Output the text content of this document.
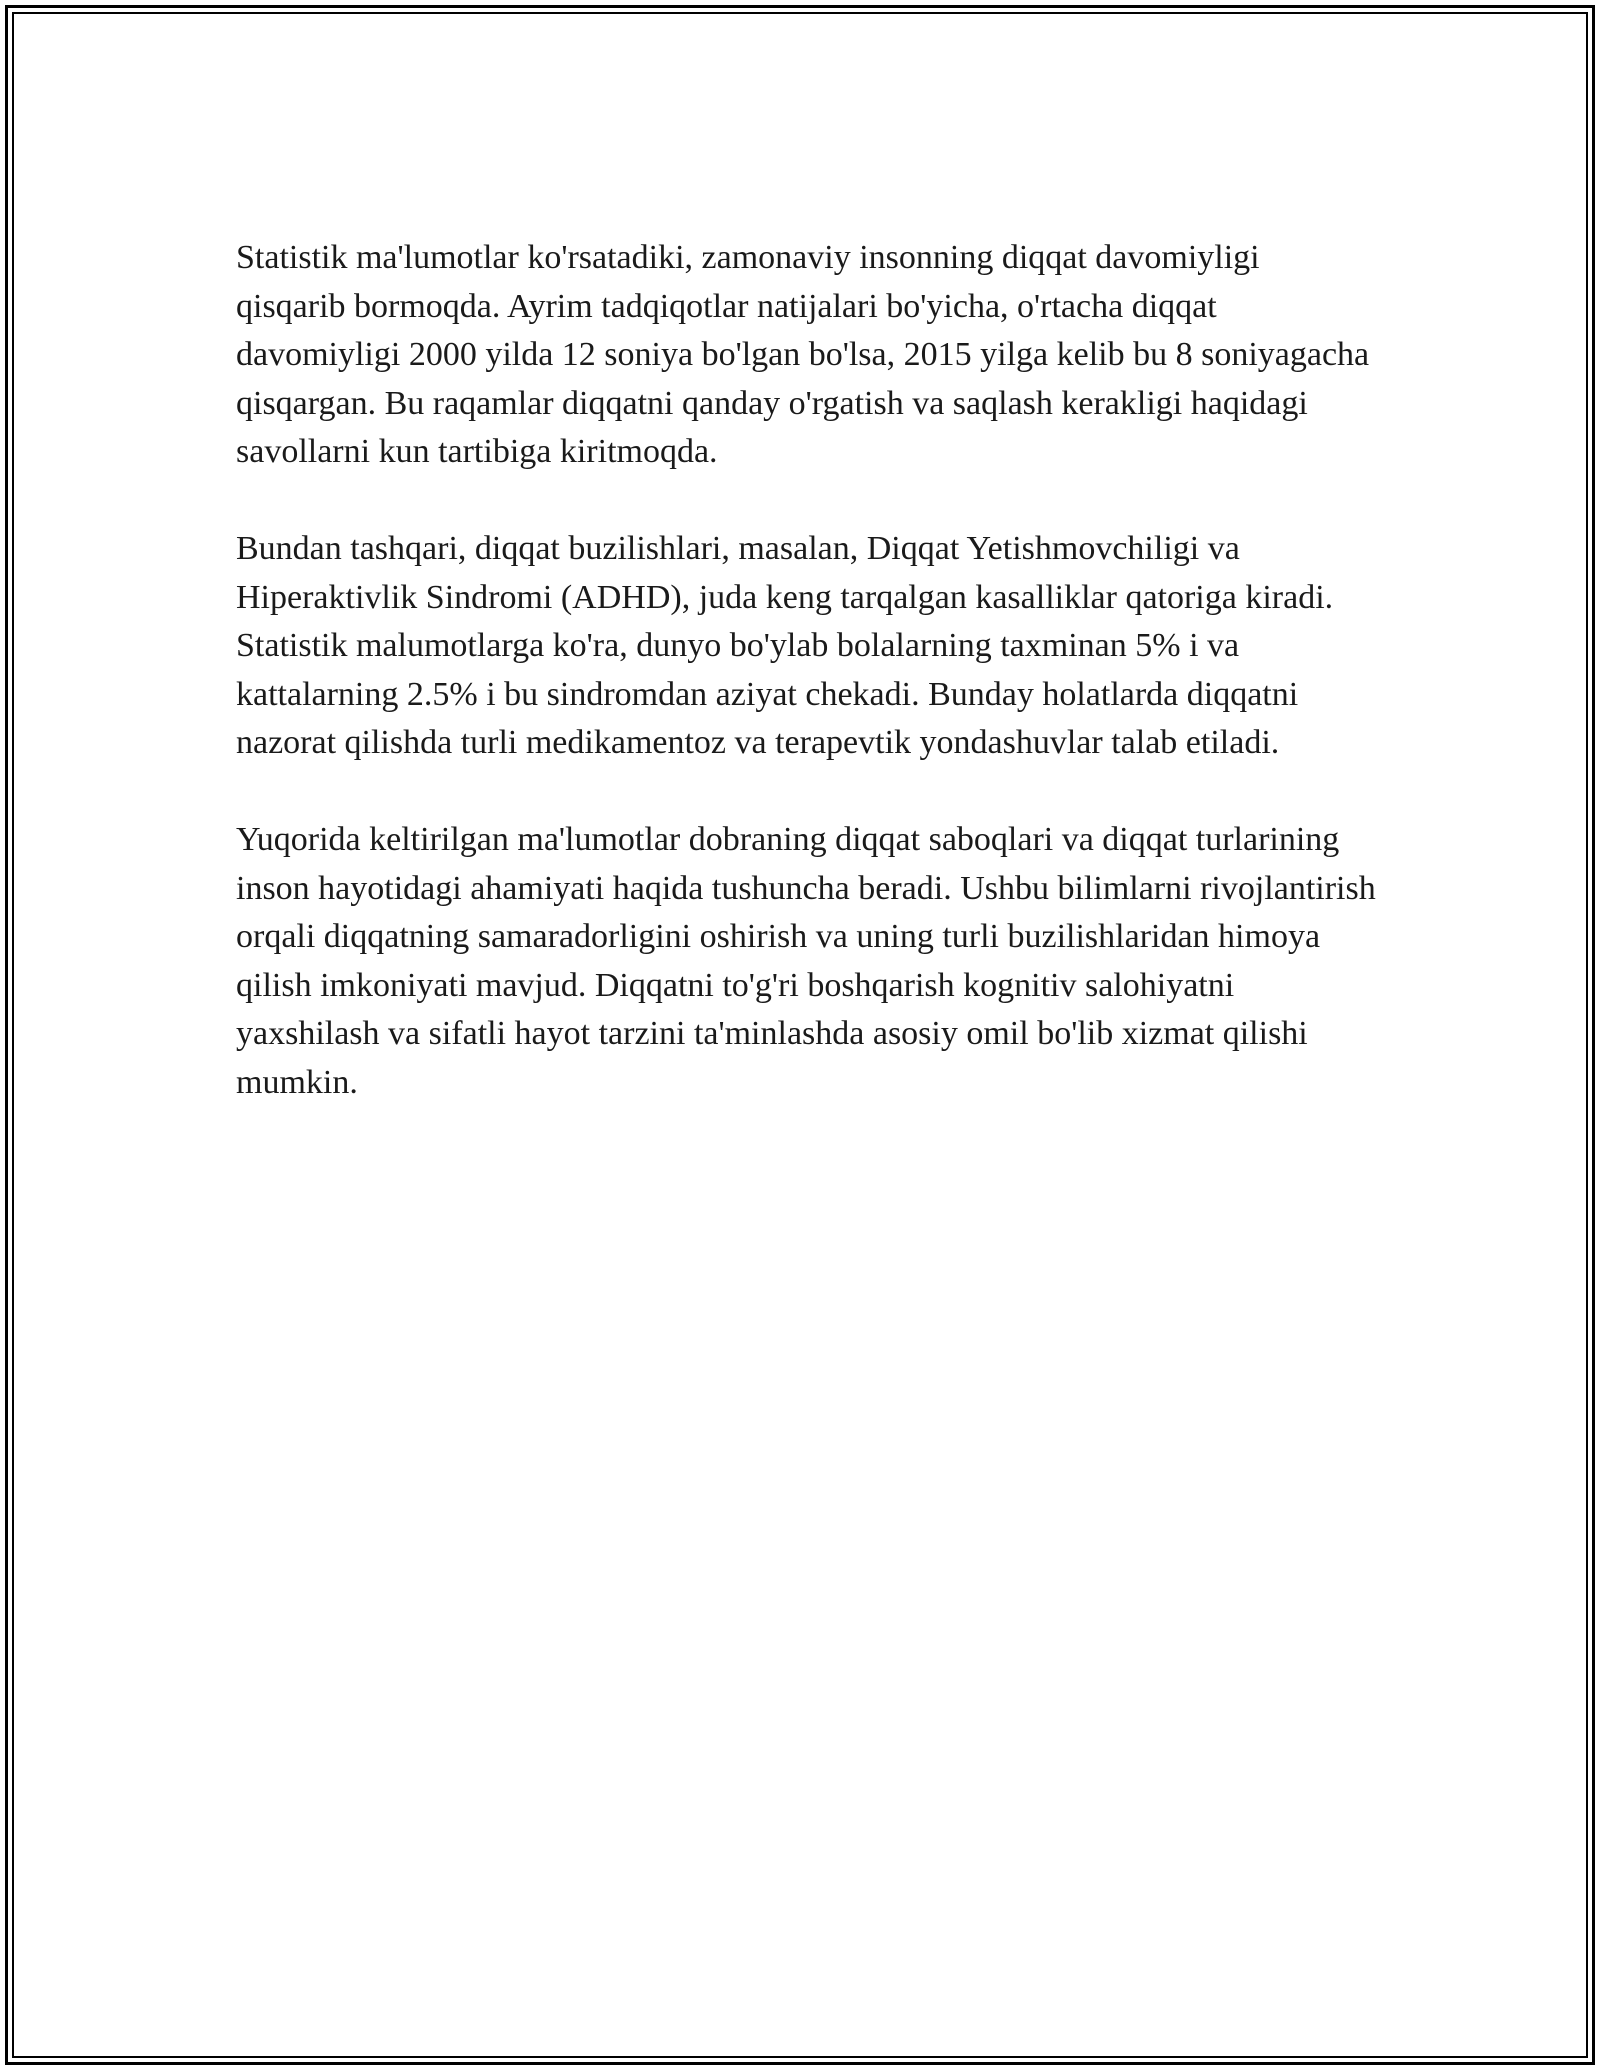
Statistik ma'lumotlar ko'rsatadiki, zamonaviy insonning diqqat davomiyligi qisqarib bormoqda. Ayrim tadqiqotlar natijalari bo'yicha, o'rtacha diqqat davomiyligi 2000 yilda 12 soniya bo'lgan bo'lsa, 2015 yilga kelib bu 8 soniyagacha qisqargan. Bu raqamlar diqqatni qanday o'rgatish va saqlash kerakligi haqidagi savollarni kun tartibiga kiritmoqda.

Bundan tashqari, diqqat buzilishlari, masalan, Diqqat Yetishmovchiligi va Hiperaktivlik Sindromi (ADHD), juda keng tarqalgan kasalliklar qatoriga kiradi. Statistik malumotlarga ko'ra, dunyo bo'ylab bolalarning taxminan 5% i va kattalarning 2.5% i bu sindromdan aziyat chekadi. Bunday holatlarda diqqatni nazorat qilishda turli medikamentoz va terapevtik yondashuvlar talab etiladi.

Yuqorida keltirilgan ma'lumotlar dobraning diqqat saboqlari va diqqat turlarining inson hayotidagi ahamiyati haqida tushuncha beradi. Ushbu bilimlarni rivojlantirish orqali diqqatning samaradorligini oshirish va uning turli buzilishlaridan himoya qilish imkoniyati mavjud. Diqqatni to'g'ri boshqarish kognitiv salohiyatni yaxshilash va sifatli hayot tarzini ta'minlashda asosiy omil bo'lib xizmat qilishi mumkin.
